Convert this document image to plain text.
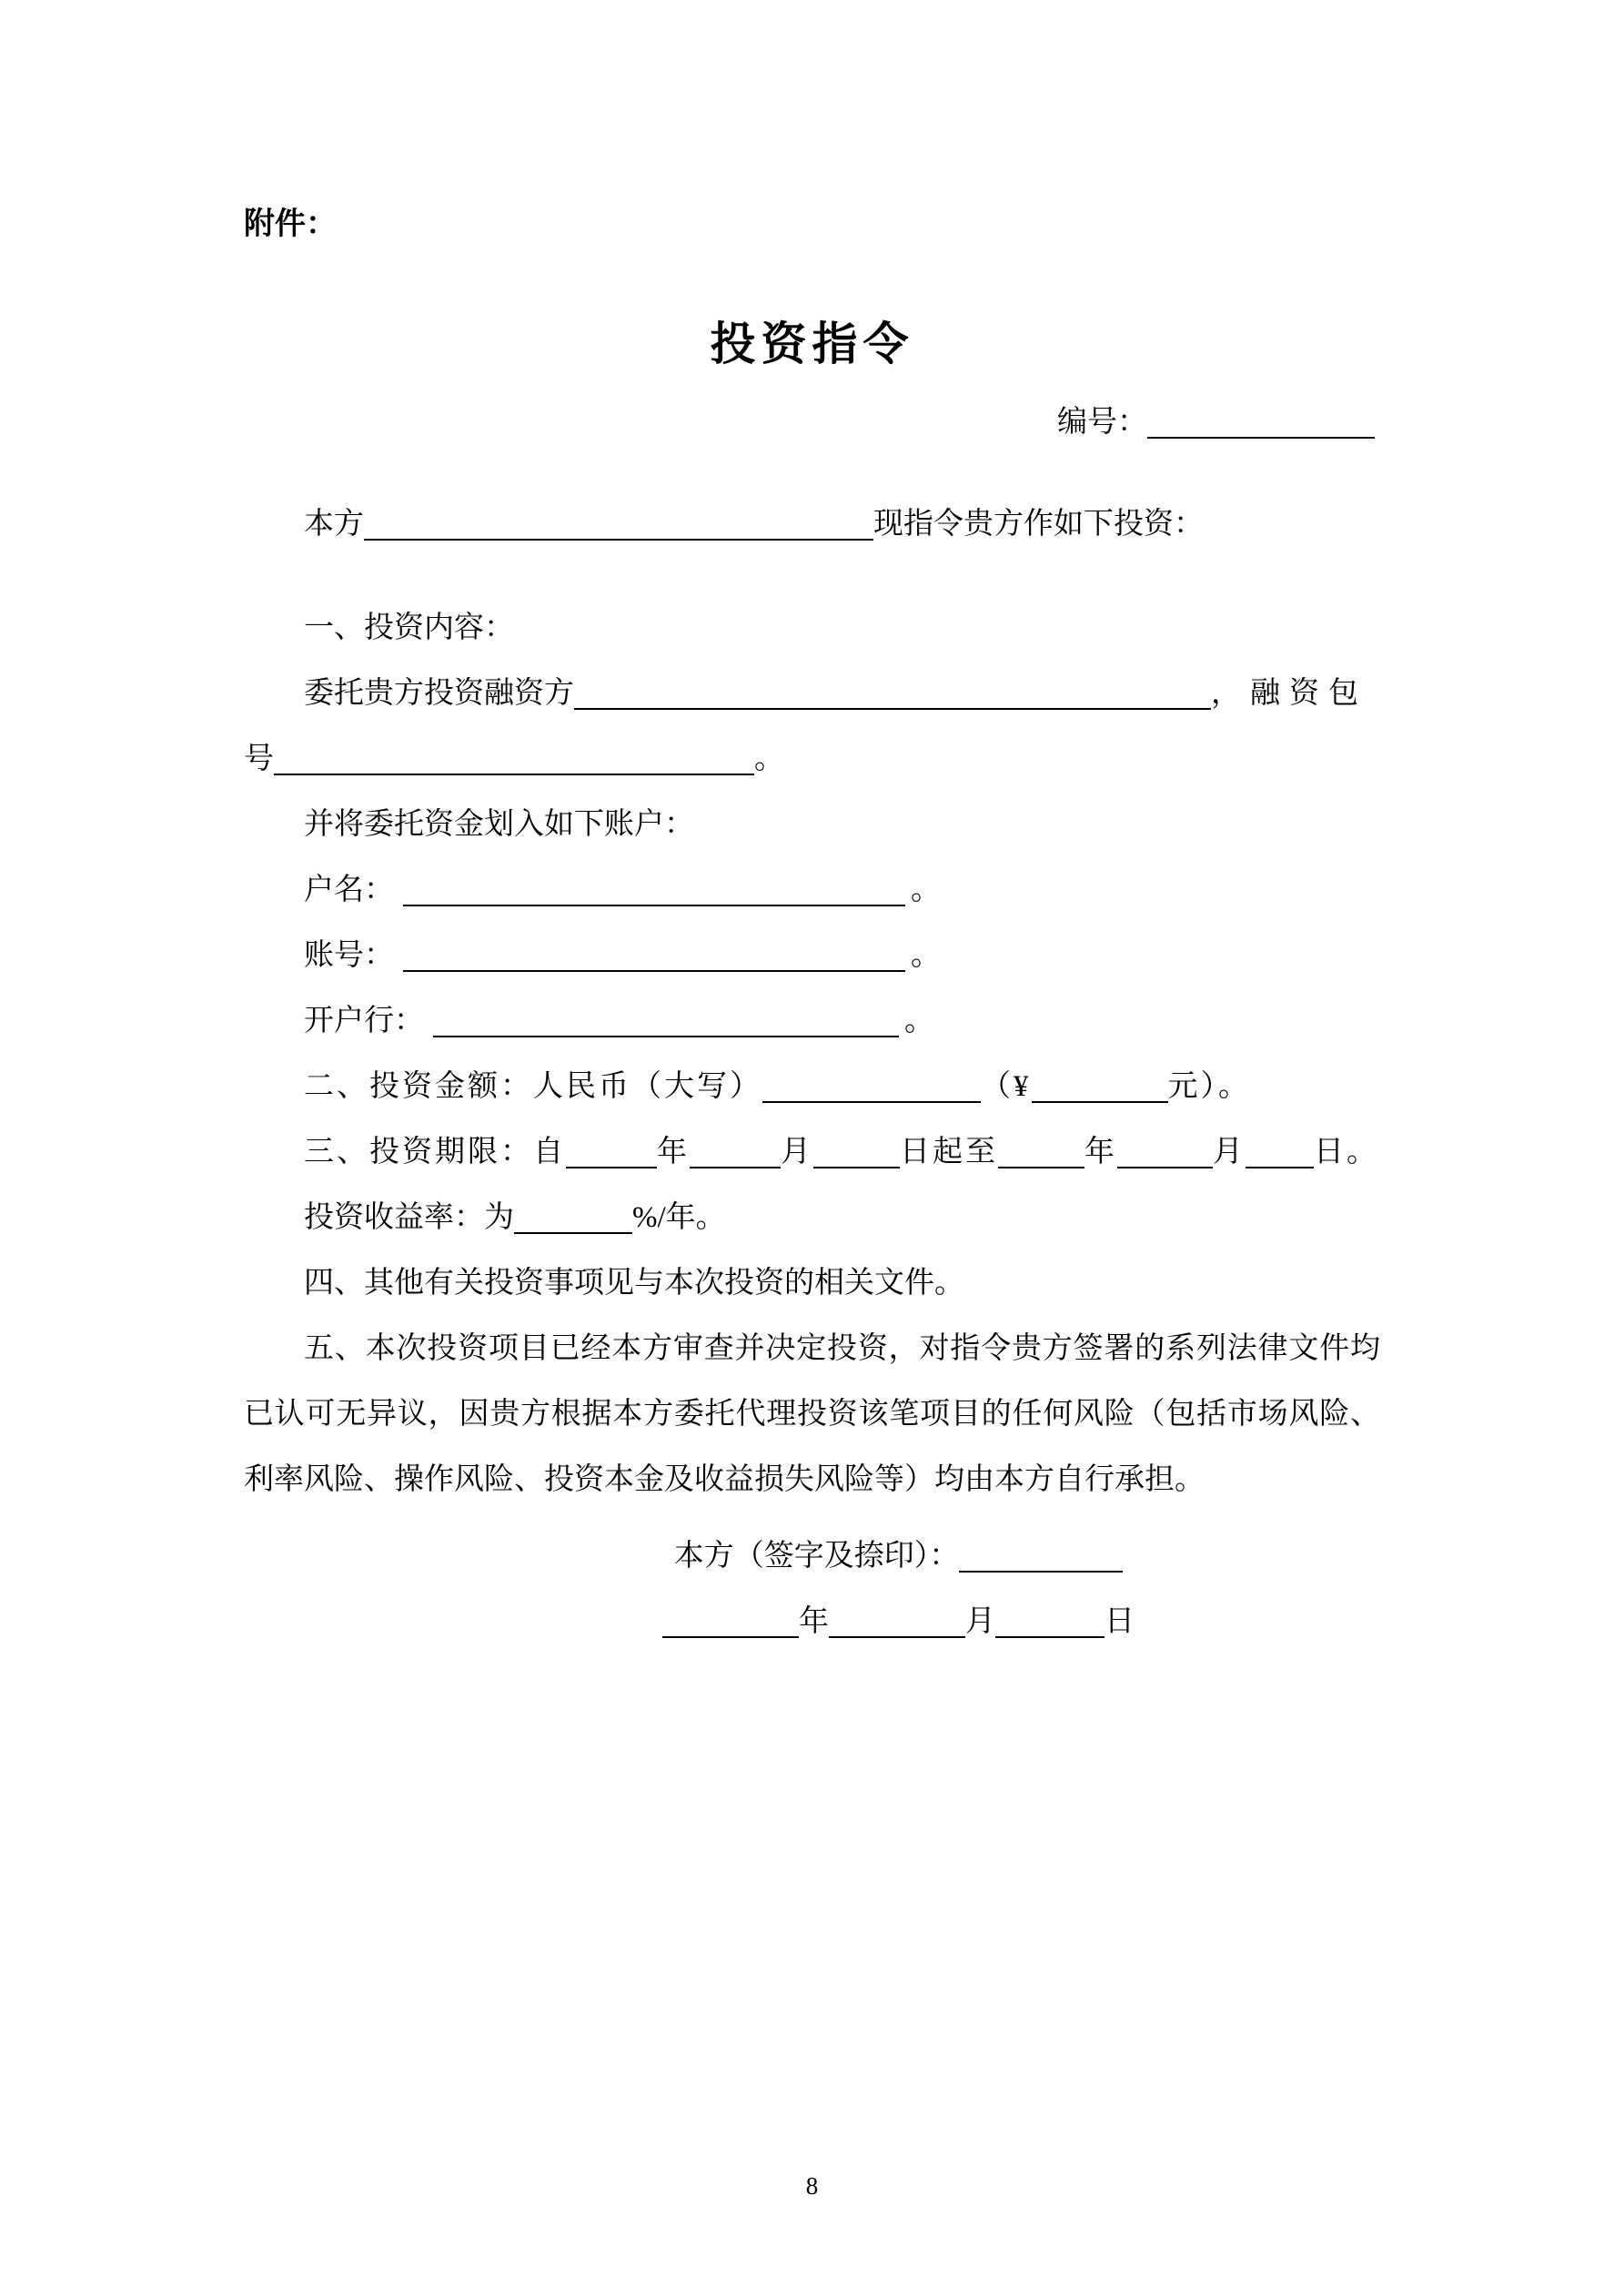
附件：
投资指令
编号：

本方	现指令贵方作如下投资：

一、投资内容：

委托贵方投资融资方	，融资包

号	。

并将委托资金划入如下账户：

户名：	。

账号：	。

开户行：	。

二、投资金额：人民币（大写）	（¥	元）。

三、投资期限：自	年	月	日起至	年	月 日。

投资收益率：为	%/年。

四、其他有关投资事项见与本次投资的相关文件。

五、本次投资项目已经本方审查并决定投资，对指令贵方签署的系列法律文件均已认可无异议，因贵方根据本方委托代理投资该笔项目的任何风险（包括市场风险、利率风险、操作风险、投资本金及收益损失风险等）均由本方自行承担。

本方（签字及捺印）：

年	月	日

8
